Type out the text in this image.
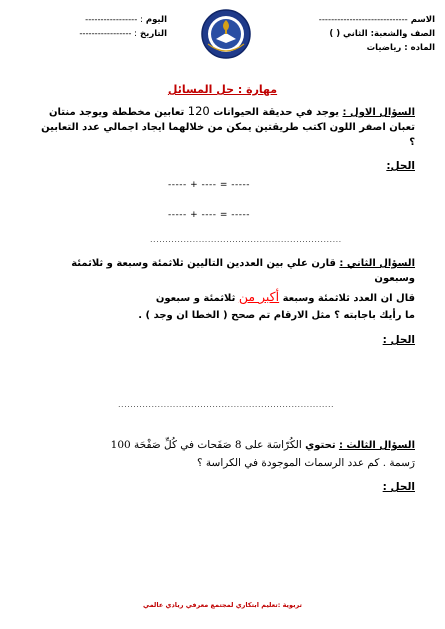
الاسم -----------------------------
الصف والشعبة: الثاني ( )
الماده : رياضيات
اليوم : -----------------
التاريخ : -----------------
مهارة : حل المسائل
السؤال الاول : يوجد في حديقة الحيوانات 120 تعابين مخططة ويوجد منتان تعبان اصفر اللون اكتب طريقتين يمكن من خلالهما ايجاد اجمالي عدد التعابين ؟
الحل:
----- + ---- = -----
----- + ---- = -----
...............................................................
السؤال الثاني : قارن علي بين العددين التاليين ثلاثمئة وسبعة و ثلاثمئة وسبعون
قال ان العدد ثلاثمئة وسبعة أكبر من ثلاثمئة و سبعون
ما رأيك باجابته ؟ مثل الارقام تم صحح ( الخطا ان وجد ) .
الحل :
.......................................................................
السؤال الثالث : تحتوي الكُرّاسَة على 8 صَفَحات في كُلِّ صَفْحَة 100
رَسمة . كم عدد الرسمات الموجودة في الكراسة ؟
الحل :
تربوية :تعليم ابتكاري لمجتمع معرفي ريادي عالمي
